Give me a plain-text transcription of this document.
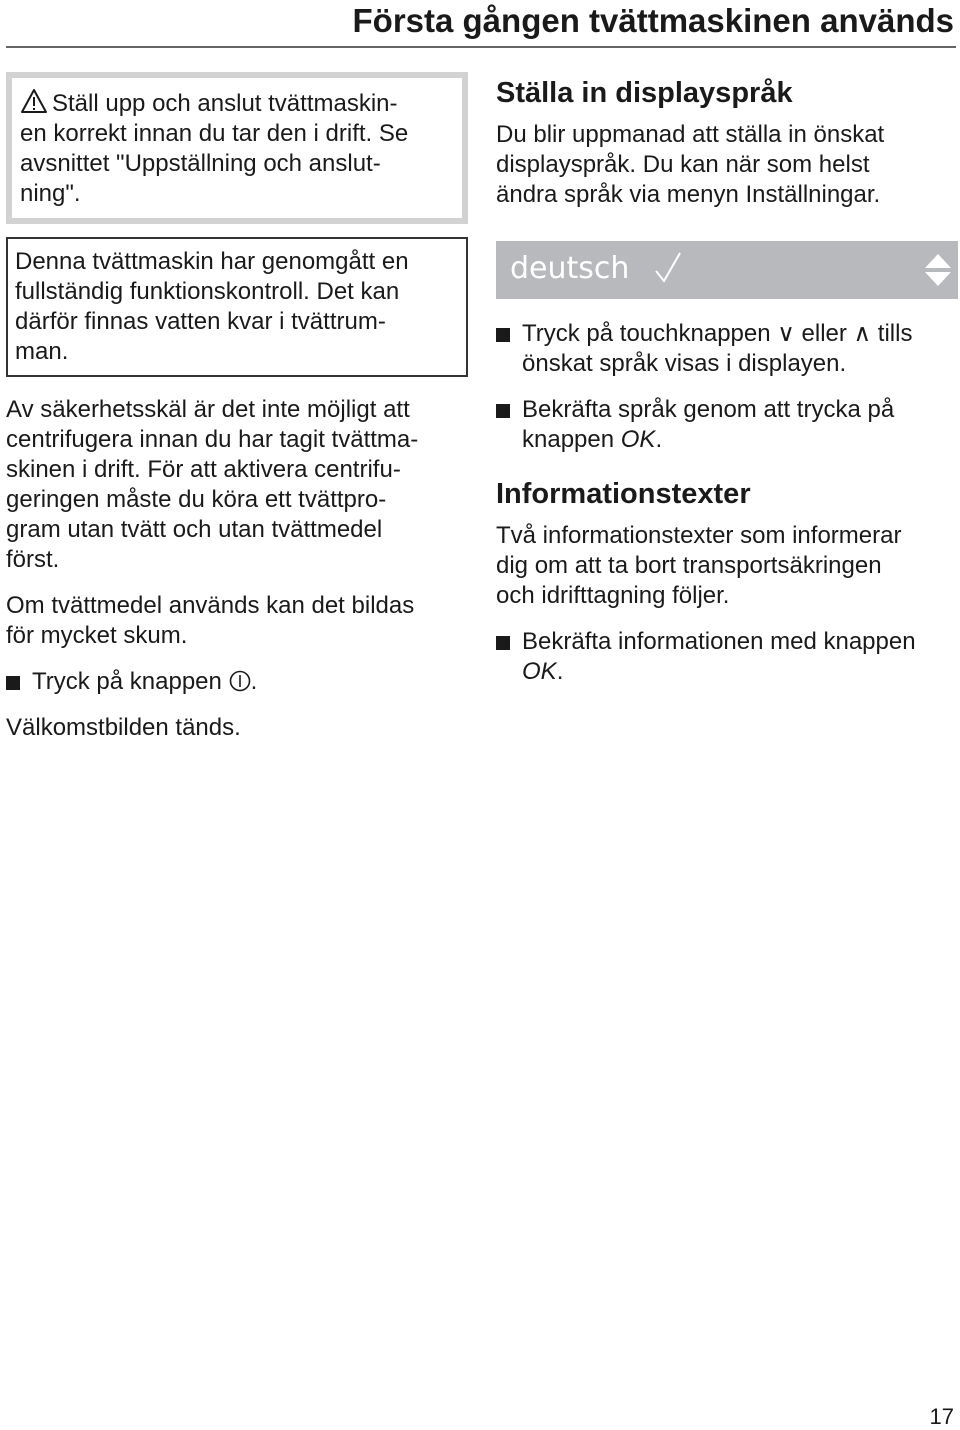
Första gången tvättmaskinen används
Ställ upp och anslut tvättmaskin-
en korrekt innan du tar den i drift. Se
avsnittet "Uppställning och anslut-
ning".
Denna tvättmaskin har genomgått en
fullständig funktionskontroll. Det kan
därför finnas vatten kvar i tvättrum-
man.
Av säkerhetsskäl är det inte möjligt att
centrifugera innan du har tagit tvättma-
skinen i drift. För att aktivera centrifu-
geringen måste du köra ett tvättpro-
gram utan tvätt och utan tvättmedel
först.
Om tvättmedel används kan det bildas
för mycket skum.
Tryck på knappen .
Välkomstbilden tänds.
Ställa in displayspråk
Du blir uppmanad att ställa in önskat
displayspråk. Du kan när som helst
ändra språk via menyn Inställningar.
deutsch
Tryck på touchknappen ∨ eller ∧ tills
önskat språk visas i displayen.
Bekräfta språk genom att trycka på
knappen OK.
Informationstexter
Två informationstexter som informerar
dig om att ta bort transportsäkringen
och idrifttagning följer.
Bekräfta informationen med knappen
OK.
17
